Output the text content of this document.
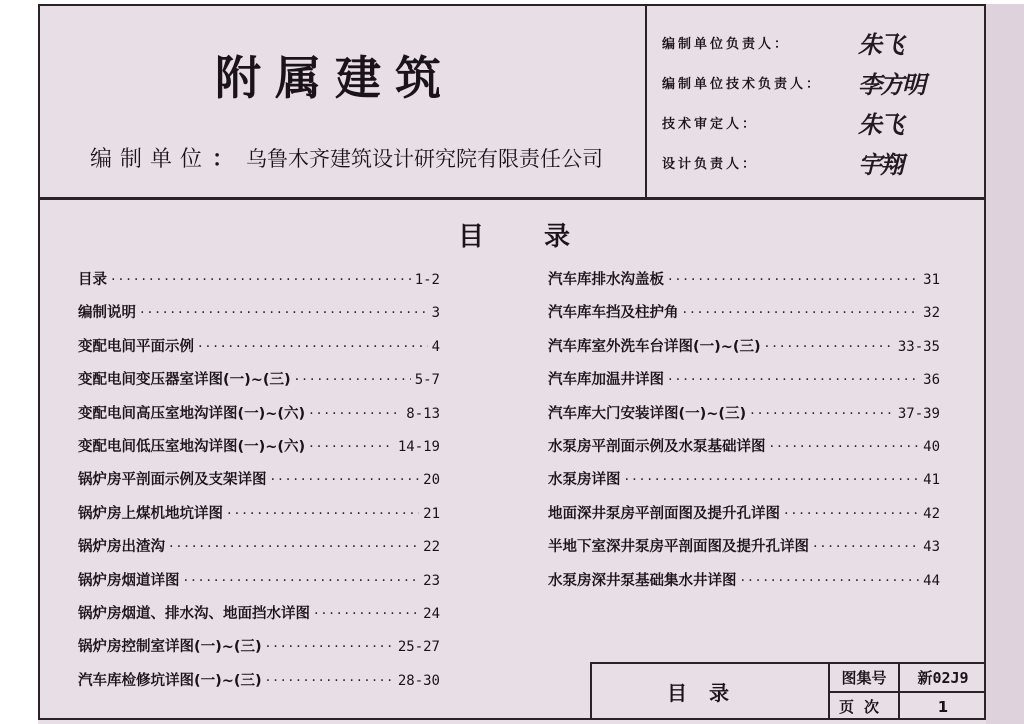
附属建筑
编制单位： 乌鲁木齐建筑设计研究院有限责任公司
编制单位负责人：	朱飞
编制单位技术负责人：	李方明
技术审定人：	朱飞
设计负责人：	宇翔
目录
目录 ·····	1-2
编制说明 ·····	3
变配电间平面示例 ·····	4
变配电间变压器室详图(一)~(三) ·····	5-7
变配电间高压室地沟详图(一)~(六) ·····	8-13
变配电间低压室地沟详图(一)~(六) ·····	14-19
锅炉房平剖面示例及支架详图 ·····	20
锅炉房上煤机地坑详图 ·····	21
锅炉房出渣沟 ·····	22
锅炉房烟道详图 ·····	23
锅炉房烟道、排水沟、地面挡水详图 ·····	24
锅炉房控制室详图(一)~(三) ·····	25-27
汽车库检修坑详图(一)~(三) ·····	28-30
汽车库排水沟盖板 ·····	31
汽车库车挡及柱护角 ·····	32
汽车库室外洗车台详图(一)~(三) ·····	33-35
汽车库加温井详图 ·····	36
汽车库大门安装详图(一)~(三) ·····	37-39
水泵房平剖面示例及水泵基础详图 ·····	40
水泵房详图 ·····	41
地面深井泵房平剖面图及提升孔详图 ·····	42
半地下室深井泵房平剖面图及提升孔详图 ·····	43
水泵房深井泵基础集水井详图 ·····	44
目录
图集号	新02J9
页次	1
